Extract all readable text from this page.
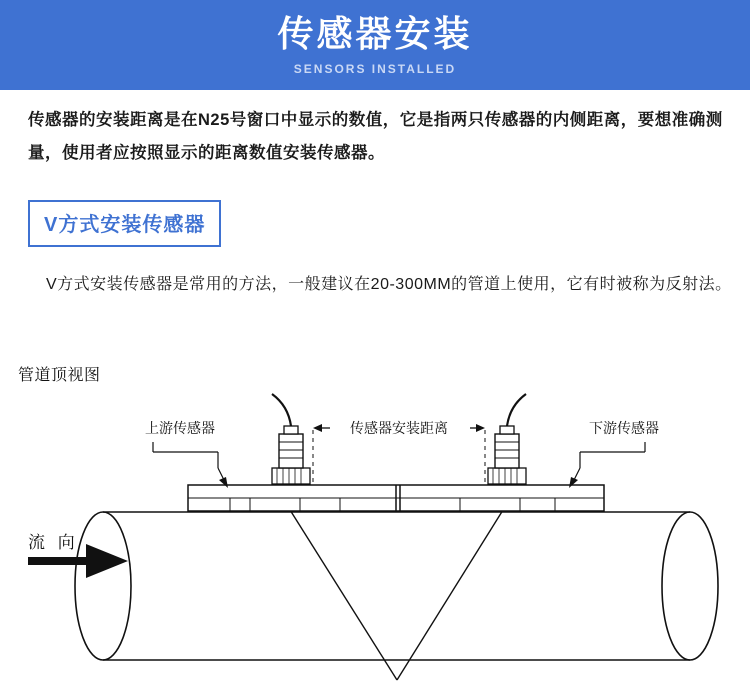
传感器安装
SENSORS INSTALLED
传感器的安装距离是在N25号窗口中显示的数值，它是指两只传感器的内侧距离，要想准确测量，使用者应按照显示的距离数值安装传感器。
V方式安装传感器
V方式安装传感器是常用的方法，一般建议在20-300MM的管道上使用，它有时被称为反射法。
管道顶视图
传感器安装距离
上游传感器	下游传感器
流 向
